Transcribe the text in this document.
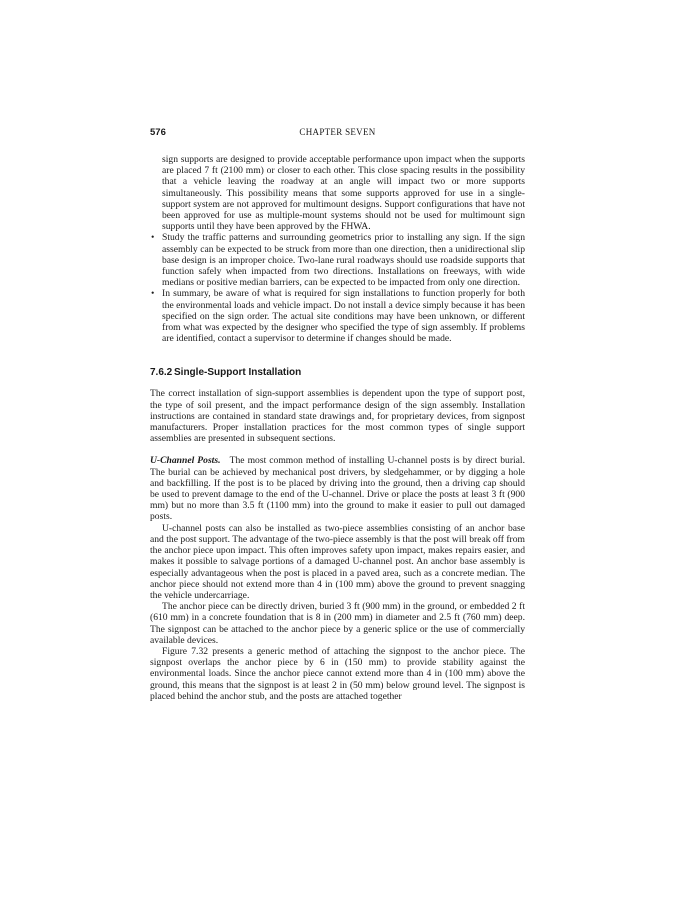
576	CHAPTER SEVEN

sign supports are designed to provide acceptable performance upon impact when the supports are placed 7 ft (2100 mm) or closer to each other. This close spacing results in the possibility that a vehicle leaving the roadway at an angle will impact two or more supports simultaneously. This possibility means that some supports approved for use in a single-support system are not approved for multimount designs. Support configurations that have not been approved for use as multiple-mount systems should not be used for multimount sign supports until they have been approved by the FHWA.

• Study the traffic patterns and surrounding geometrics prior to installing any sign. If the sign assembly can be expected to be struck from more than one direction, then a unidirectional slip base design is an improper choice. Two-lane rural roadways should use roadside supports that function safely when impacted from two directions. Installations on freeways, with wide medians or positive median barriers, can be expected to be impacted from only one direction.
• In summary, be aware of what is required for sign installations to function properly for both the environmental loads and vehicle impact. Do not install a device simply because it has been specified on the sign order. The actual site conditions may have been unknown, or different from what was expected by the designer who specified the type of sign assembly. If problems are identified, contact a supervisor to determine if changes should be made.
7.6.2 Single-Support Installation

The correct installation of sign-support assemblies is dependent upon the type of support post, the type of soil present, and the impact performance design of the sign assembly. Installation instructions are contained in standard state drawings and, for proprietary devices, from signpost manufacturers. Proper installation practices for the most common types of single support assemblies are presented in subsequent sections.

U-Channel Posts. The most common method of installing U-channel posts is by direct burial. The burial can be achieved by mechanical post drivers, by sledgehammer, or by digging a hole and backfilling. If the post is to be placed by driving into the ground, then a driving cap should be used to prevent damage to the end of the U-channel. Drive or place the posts at least 3 ft (900 mm) but no more than 3.5 ft (1100 mm) into the ground to make it easier to pull out damaged posts.

U-channel posts can also be installed as two-piece assemblies consisting of an anchor base and the post support. The advantage of the two-piece assembly is that the post will break off from the anchor piece upon impact. This often improves safety upon impact, makes repairs easier, and makes it possible to salvage portions of a damaged U-channel post. An anchor base assembly is especially advantageous when the post is placed in a paved area, such as a concrete median. The anchor piece should not extend more than 4 in (100 mm) above the ground to prevent snagging the vehicle undercarriage.

The anchor piece can be directly driven, buried 3 ft (900 mm) in the ground, or embedded 2 ft (610 mm) in a concrete foundation that is 8 in (200 mm) in diameter and 2.5 ft (760 mm) deep. The signpost can be attached to the anchor piece by a generic splice or the use of commercially available devices.

Figure 7.32 presents a generic method of attaching the signpost to the anchor piece. The signpost overlaps the anchor piece by 6 in (150 mm) to provide stability against the environmental loads. Since the anchor piece cannot extend more than 4 in (100 mm) above the ground, this means that the signpost is at least 2 in (50 mm) below ground level. The signpost is placed behind the anchor stub, and the posts are attached together
